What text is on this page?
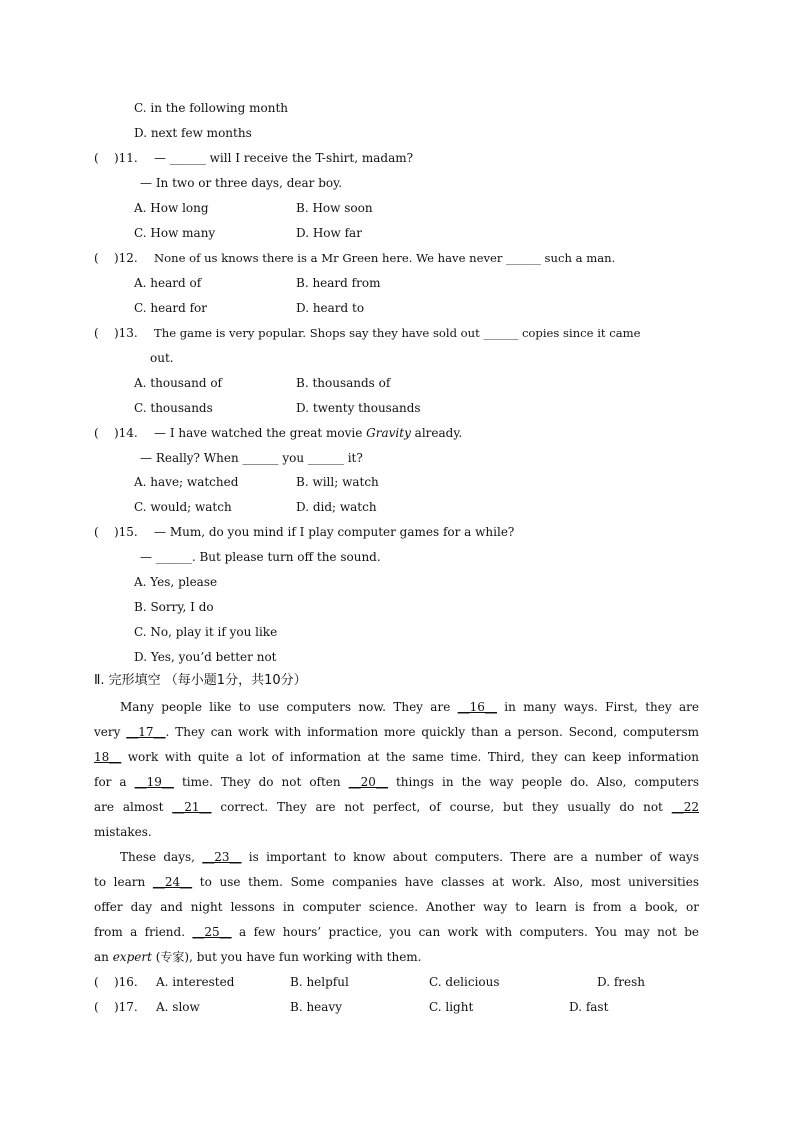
C. in the following month
D. next few months
(    )11. — ______ will I receive the T-shirt, madam?
— In two or three days, dear boy.
A. How long	B. How soon
C. How many	D. How far
(    )12. None of us knows there is a Mr Green here. We have never ______ such a man.
A. heard of	B. heard from
C. heard for	D. heard to
(    )13. The game is very popular. Shops say they have sold out ______ copies since it came
out.
A. thousand of	B. thousands of
C. thousands	D. twenty thousands
(    )14. — I have watched the great movie Gravity already.
— Really? When ______ you ______ it?
A. have; watched	B. will; watch
C. would; watch	D. did; watch
(    )15. — Mum, do you mind if I play computer games for a while?
— ______. But please turn off the sound.
A. Yes, please
B. Sorry, I do
C. No, play it if you like
D. Yes, you’d better not
Ⅱ. 完形填空 （每小题1分，共10分）
Many people like to use computers now. They are __16__ in many ways. First, they are
very __17__. They can work with information more quickly than a person. Second, computersm
18__ work with quite a lot of information at the same time. Third, they can keep information
for a __19__ time. They do not often __20__ things in the way people do. Also, computers
are almost __21__ correct. They are not perfect, of course, but they usually do not __22
mistakes.
These days, __23__ is important to know about computers. There are a number of ways
to learn __24__ to use them. Some companies have classes at work. Also, most universities
offer day and night lessons in computer science. Another way to learn is from a book, or
from a friend. __25__ a few hours’ practice, you can work with computers. You may not be
an expert (专家), but you have fun working with them.
(    )16. A. interested	B. helpful	C. delicious	D. fresh
(    )17. A. slow	B. heavy	C. light	D. fast
